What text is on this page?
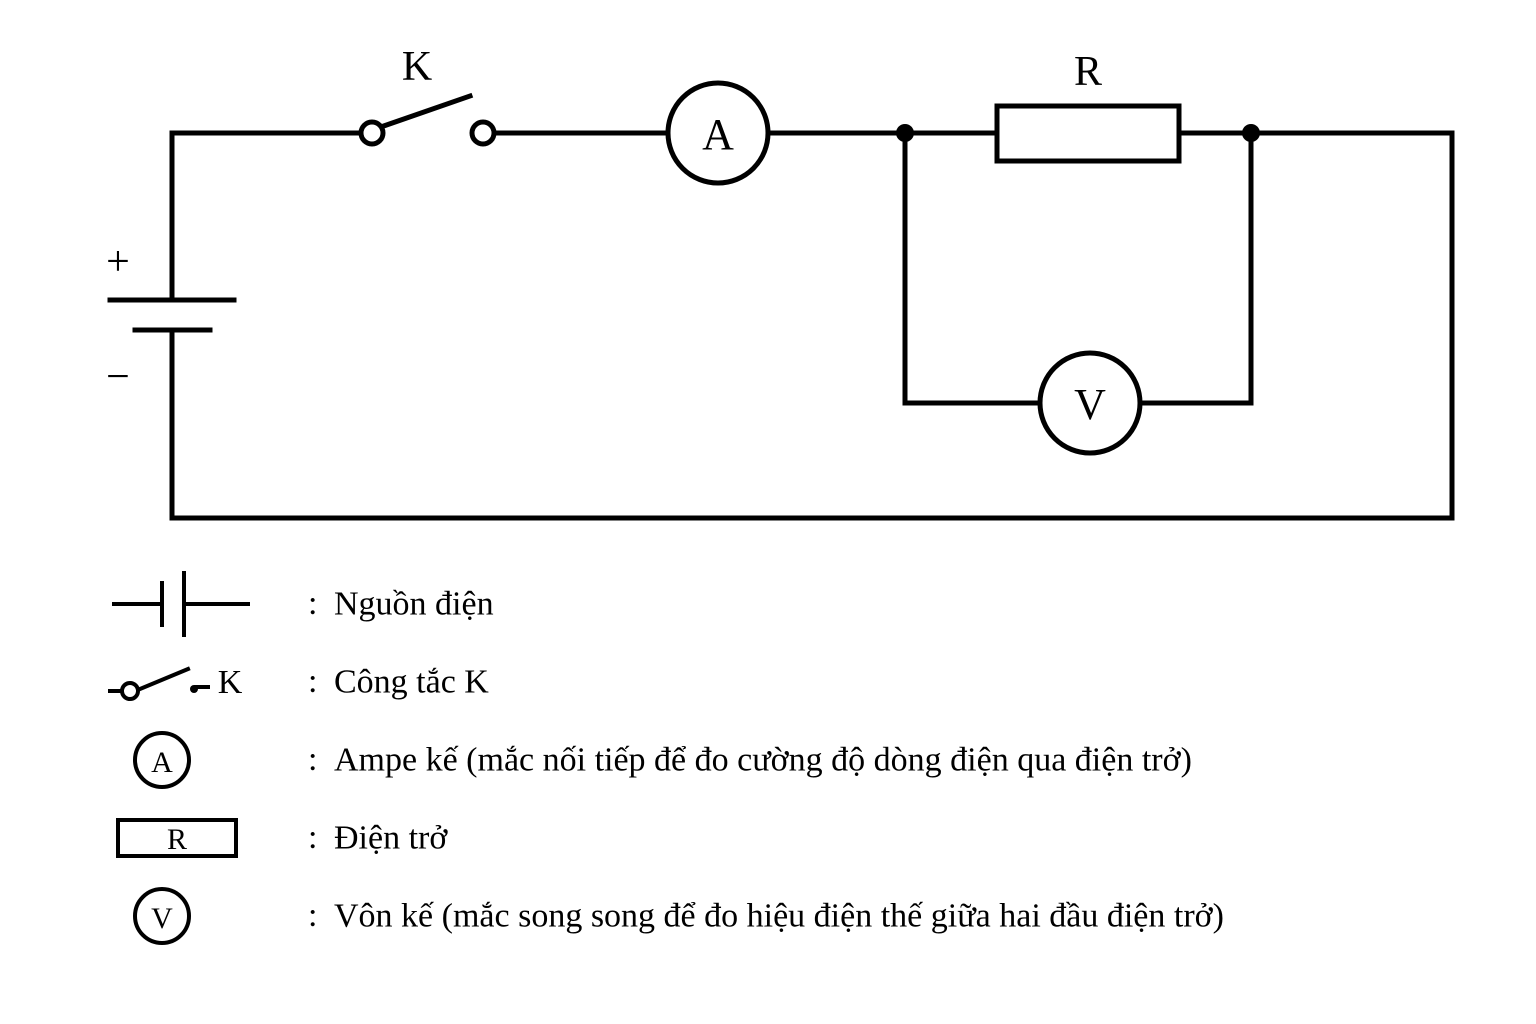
K
A
R
V
+
−
: Nguồn điện
K : Công tắc K
A	: Ampe kế (mắc nối tiếp để đo cường độ dòng điện qua điện trở)
R	: Điện trở
V	: Vôn kế (mắc song song để đo hiệu điện thế giữa hai đầu điện trở)
